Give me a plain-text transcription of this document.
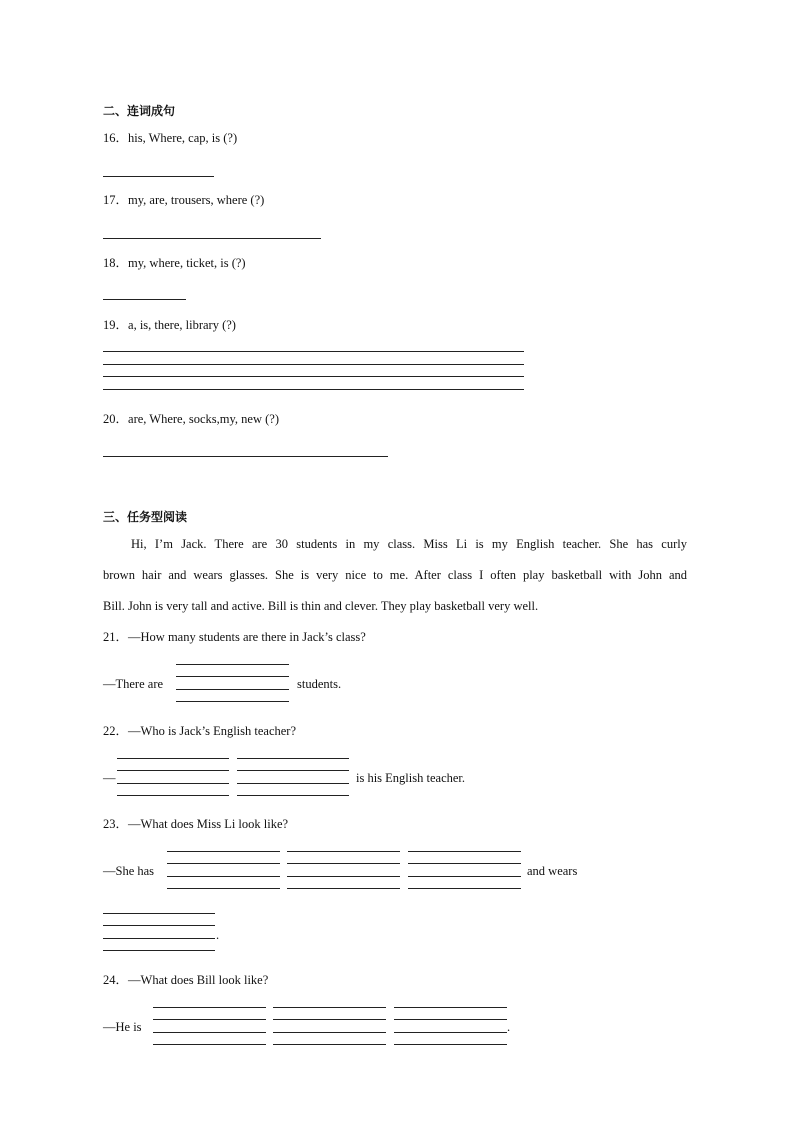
二、连词成句
16．his, Where, cap, is (?)
17．my, are, trousers, where (?)
18．my, where, ticket, is (?)
19．a, is, there, library (?)
20．are, Where, socks,my, new (?)
三、任务型阅读
Hi, I’m Jack. There are 30 students in my class. Miss Li is my English teacher. She has curly
brown hair and wears glasses. She is very nice to me. After class I often play basketball with John and
Bill. John is very tall and active. Bill is thin and clever. They play basketball very well.
21．—How many students are there in Jack’s class?
—There are	students.
22．—Who is Jack’s English teacher?
—	is his English teacher.
23．—What does Miss Li look like?
—She has	and wears
.
24．—What does Bill look like?
—He is	.
